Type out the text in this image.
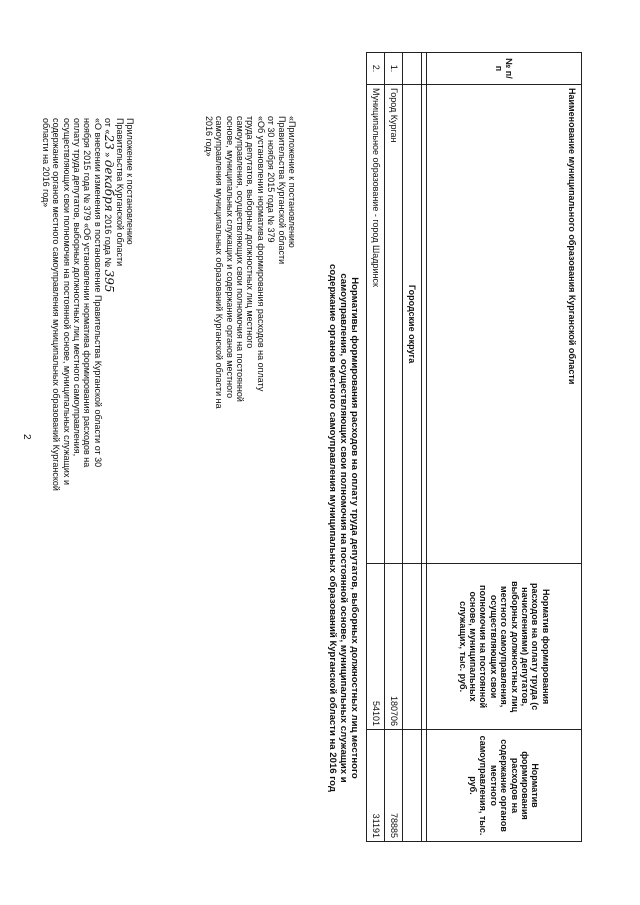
2
Приложение к постановлению
Правительства Курганской области
от «23 » декабря 2016 года № 395
«О внесении изменения в постановление Правительства Курганской области от 30 ноября 2015 года № 379 «Об установлении норматива формирования расходов на оплату труда депутатов, выборных должностных лиц местного самоуправления, осуществляющих свои полномочия на постоянной основе, муниципальных служащих и содержание органов местного самоуправления муниципальных образований Курганской области на 2016 год»	«Приложение к постановлению
Правительства Курганской области
от 30 ноября 2015 года № 379
«Об установлении норматива формирования расходов на оплату труда депутатов, выборных должностных лиц местного самоуправления, осуществляющих свои полномочия на постоянной основе, муниципальных служащих и содержание органов местного самоуправления муниципальных образований Курганской области на 2016 год»
Нормативы формирования расходов на оплату труда депутатов, выборных должностных лиц местного самоуправления, осуществляющих свои полномочия на постоянной основе, муниципальных служащих и содержание органов местного самоуправления муниципальных образований Курганской области на 2016 год
№ п/п	Наименование муниципального образования Курганской области	Норматив формирования расходов на оплату труда (с начислениями) депутатов, выборных должностных лиц местного самоуправления, осуществляющих свои полномочия на постоянной основе, муниципальных служащих, тыс. руб.	Норматив формирования расходов на содержание органов местного самоуправления, тыс. руб.

	Городские округа		
1.	Город Курган	180706	78885
2.	Муниципальное образование - город Шадринск	54101	31191
